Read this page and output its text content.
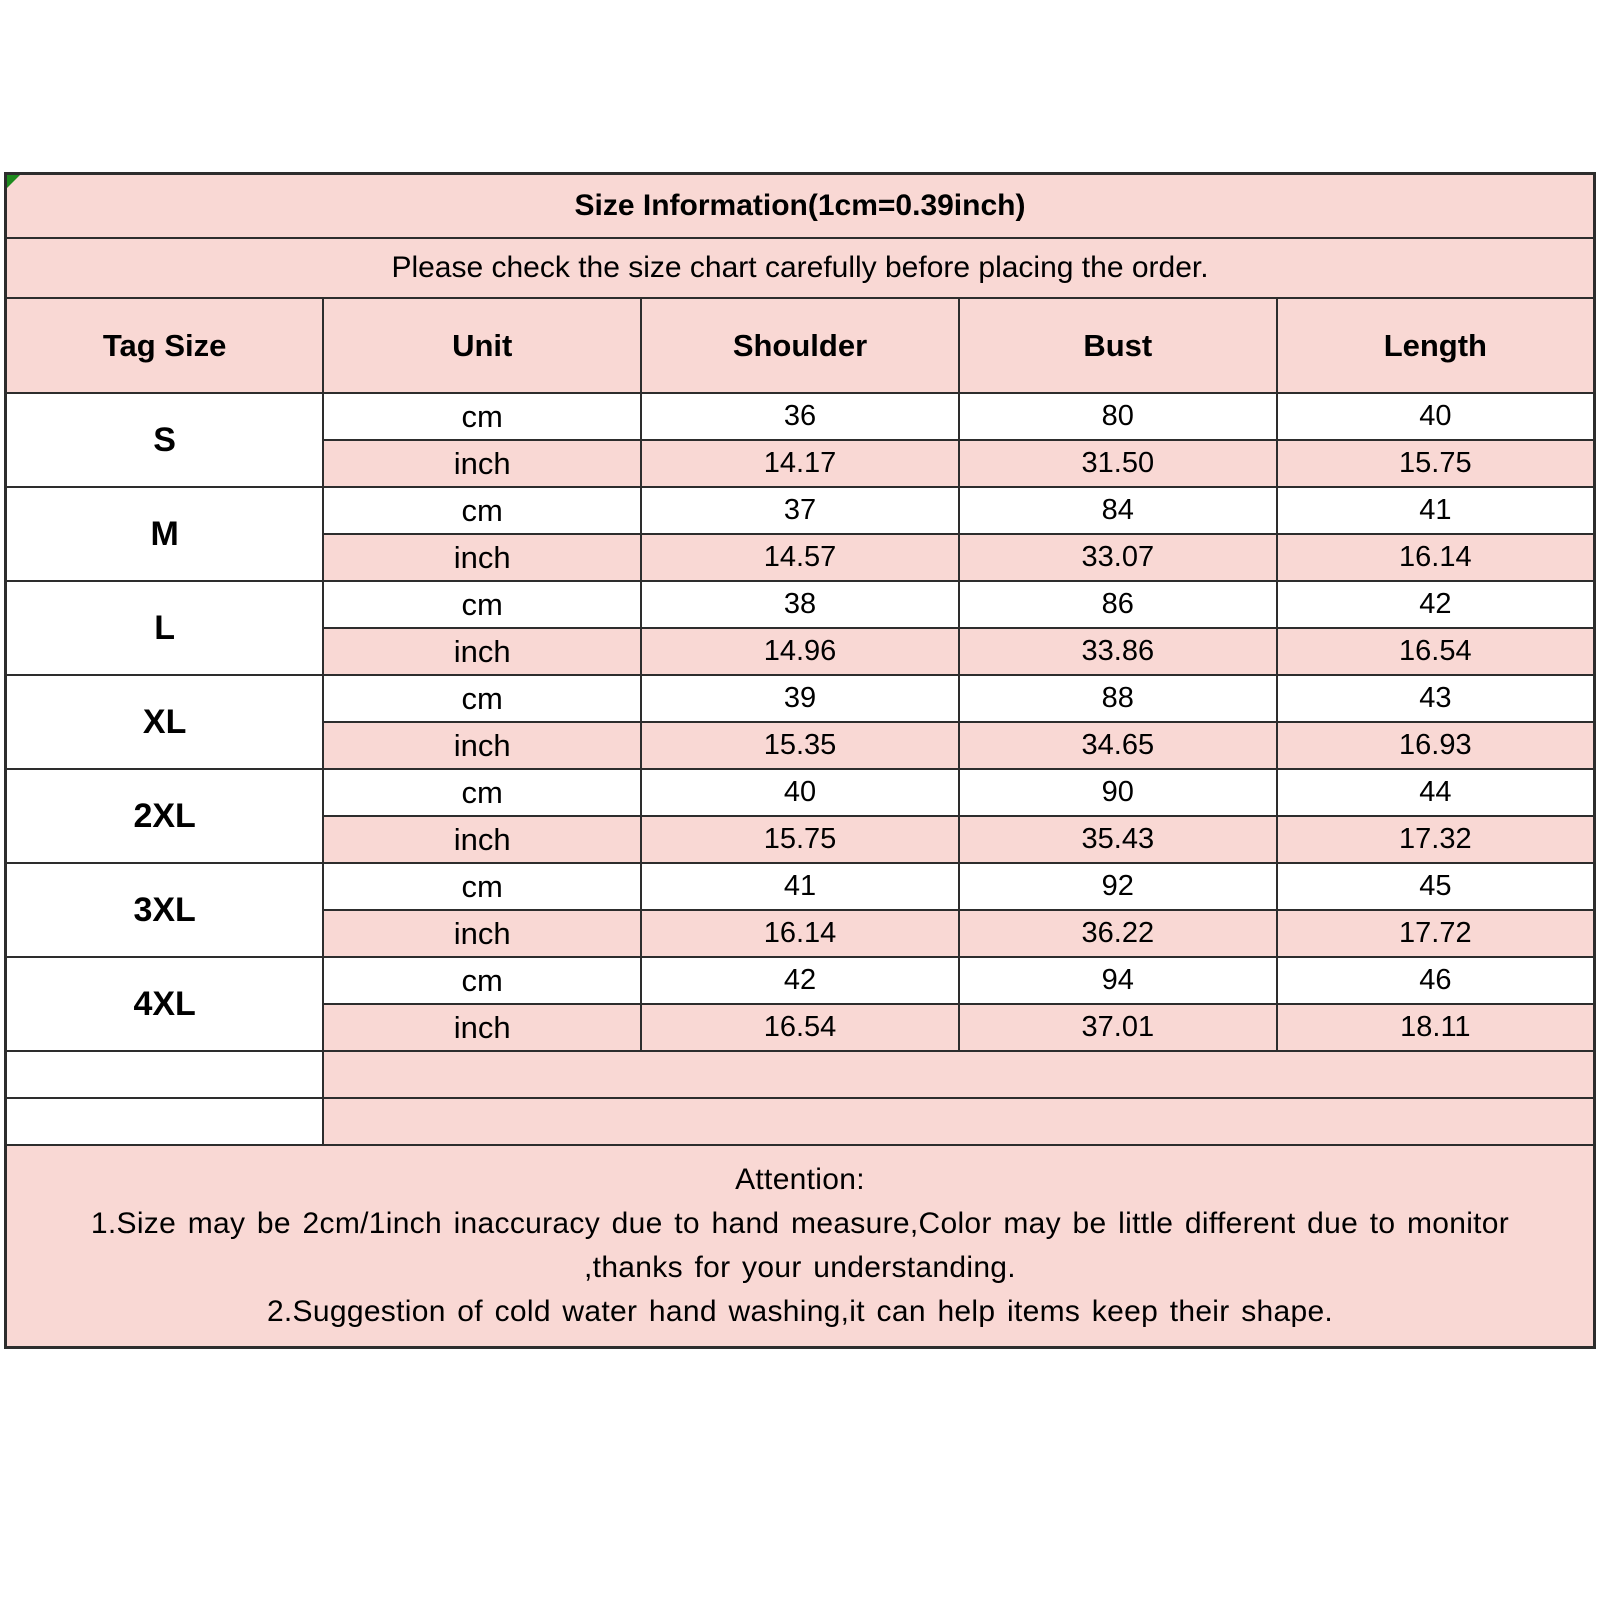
Size Information(1cm=0.39inch)				
Please check the size chart carefully before placing the order.				
Tag Size	Unit	Shoulder	Bust	Length
S	cm	36	80	40
	inch	14.17	31.50	15.75
M	cm	37	84	41
	inch	14.57	33.07	16.14
L	cm	38	86	42
	inch	14.96	33.86	16.54
XL	cm	39	88	43
	inch	15.35	34.65	16.93
2XL	cm	40	90	44
	inch	15.75	35.43	17.32
3XL	cm	41	92	45
	inch	16.14	36.22	17.72
4XL	cm	42	94	46
	inch	16.54	37.01	18.11

Attention:
1.Size may be 2cm/1inch inaccuracy due to hand measure,Color may be little different due to monitor
,thanks for your understanding.
2.Suggestion of cold water hand washing,it can help items keep their shape.				
